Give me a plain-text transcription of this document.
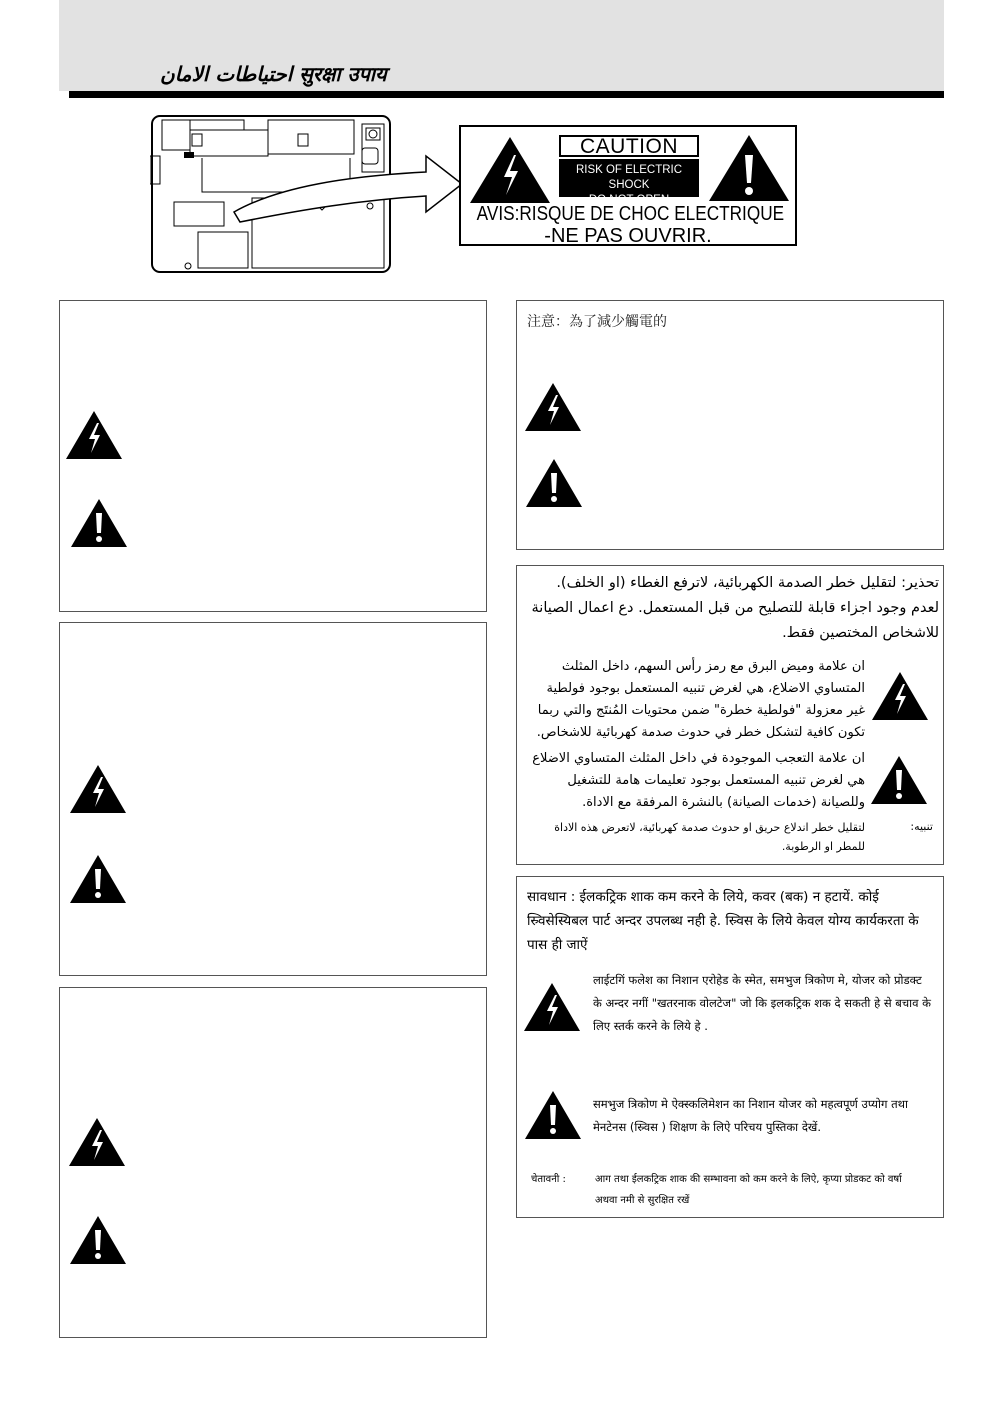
احتياطات الامان सुरक्षा उपाय
CAUTION
RISK OF ELECTRIC SHOCK
DO NOT OPEN
AVIS:RISQUE DE CHOC ELECTRIQUE
-NE PAS OUVRIR.
注意：為了減少觸電的
تحذير: لتقليل خطر الصدمة الكهربائية، لاترفع الغطاء (او الخلف). لعدم وجود اجزاء قابلة للتصليح من قبل المستعمل. دع اعمال الصيانة للاشخاص المختصين فقط.
ان علامة وميض البرق مع رمز رأس السهم، داخل المثلث المتساوي الاضلاع، هي لغرض تنبيه المستعمل بوجود فولطية غير معزولة "فولطية خطرة" ضمن محتويات المُنتَج والتي ربما تكون كافية لتشكل خطر في حدوث صدمة كهربائية للاشخاص.
ان علامة التعجب الموجودة في داخل المثلث المتساوي الاضلاع هي لغرض تنبيه المستعمل بوجود تعليمات هامة للتشغيل وللصيانة (خدمات الصيانة) بالنشرة المرفقة مع الاداة.
تنبيه:
لتقليل خطر اندلاع حريق او حدوث صدمة كهربائية، لاتعرض هذه الاداة للمطر او الرطوبة.
सावधान : ईलकट्रिक शाक कम करने के लिये, कवर (बक) न हटायें. कोई स्र्विसेस्यिबल पार्ट अन्दर उपलब्ध नही हे. स्र्विस के लिये केवल योग्य कार्यकरता के पास ही जाऐं
लाईटगिं फलेश का निशान एरोहेड के स्मेत, समभुज त्रिकोण मे, योजर को प्रोडक्ट के अन्दर नगीं "खतरनाक वोलटेज" जो कि इलकट्रिक शक दे सकती हे से बचाव के लिए स्तर्क करने के लिये हे .
समभुज त्रिकोण मे ऐक्स्कलिमेशन का निशान योजर को महत्वपूर्ण उप्योग तथा मेनटेनस (स्र्विस ) शिक्षण के लिऐ परिचय पुस्तिका देखें.
चेतावनी :	आग तथा ईलकट्रिक शाक की सम्भावना को कम करने के लिऐ, कृप्या प्रोडकट को वर्षा अथवा नमी से सुरक्षित रखें
